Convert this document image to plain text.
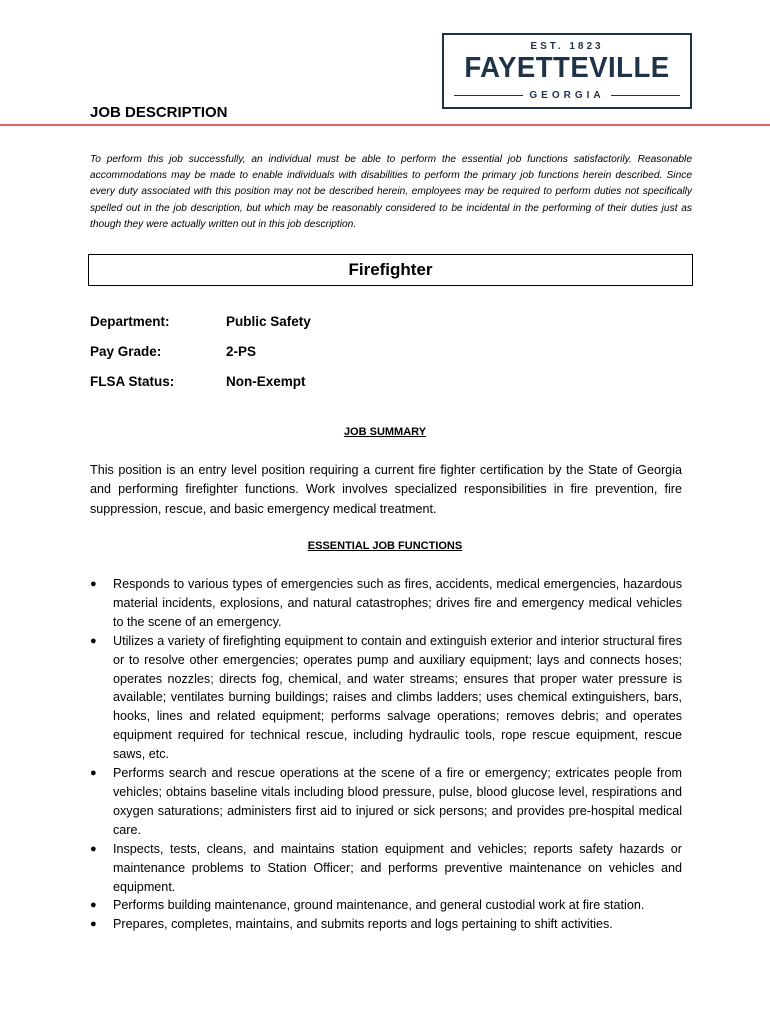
EST. 1823
FAYETTEVILLE
GEORGIA
JOB DESCRIPTION
To perform this job successfully, an individual must be able to perform the essential job functions satisfactorily. Reasonable accommodations may be made to enable individuals with disabilities to perform the primary job functions herein described. Since every duty associated with this position may not be described herein, employees may be required to perform duties not specifically spelled out in the job description, but which may be reasonably considered to be incidental in the performing of their duties just as though they were actually written out in this job description.
Firefighter
Department:	Public Safety
Pay Grade:	2-PS
FLSA Status:	Non-Exempt
JOB SUMMARY
This position is an entry level position requiring a current fire fighter certification by the State of Georgia and performing firefighter functions. Work involves specialized responsibilities in fire prevention, fire suppression, rescue, and basic emergency medical treatment.
ESSENTIAL JOB FUNCTIONS
● Responds to various types of emergencies such as fires, accidents, medical emergencies, hazardous material incidents, explosions, and natural catastrophes; drives fire and emergency medical vehicles to the scene of an emergency.
● Utilizes a variety of firefighting equipment to contain and extinguish exterior and interior structural fires or to resolve other emergencies; operates pump and auxiliary equipment; lays and connects hoses; operates nozzles; directs fog, chemical, and water streams; ensures that proper water pressure is available; ventilates burning buildings; raises and climbs ladders; uses chemical extinguishers, bars, hooks, lines and related equipment; performs salvage operations; removes debris; and operates equipment required for technical rescue, including hydraulic tools, rope rescue equipment, rescue saws, etc.
● Performs search and rescue operations at the scene of a fire or emergency; extricates people from vehicles; obtains baseline vitals including blood pressure, pulse, blood glucose level, respirations and oxygen saturations; administers first aid to injured or sick persons; and provides pre-hospital medical care.
● Inspects, tests, cleans, and maintains station equipment and vehicles; reports safety hazards or maintenance problems to Station Officer; and performs preventive maintenance on vehicles and equipment.
● Performs building maintenance, ground maintenance, and general custodial work at fire station.
● Prepares, completes, maintains, and submits reports and logs pertaining to shift activities.
